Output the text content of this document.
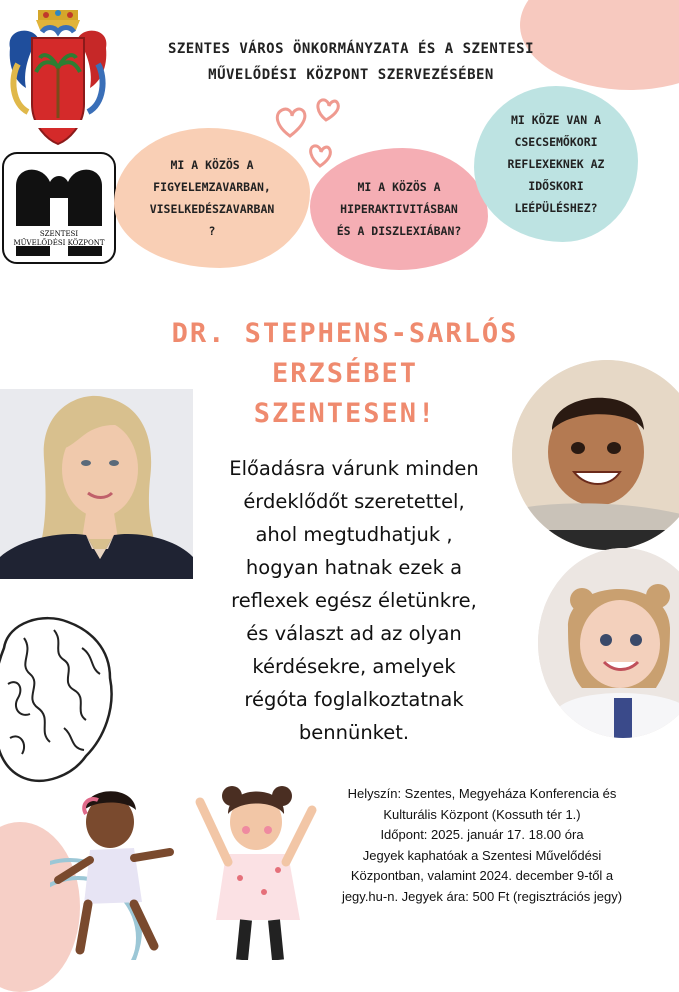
SZENTESI
MŰVELŐDÉSI KÖZPONT
SZENTES VÁROS ÖNKORMÁNYZATA ÉS A SZENTESI
MŰVELŐDÉSI KÖZPONT SZERVEZÉSÉBEN
MI A KÖZÖS A
FIGYELEMZAVARBAN,
VISELKEDÉSZAVARBAN
?
MI A KÖZÖS A
HIPERAKTIVITÁSBAN
ÉS A DISZLEXIÁBAN?
MI KÖZE VAN A
CSECSEMŐKORI
REFLEXEKNEK AZ
IDŐSKORI
LEÉPÜLÉSHEZ?
DR. STEPHENS-SARLÓS
ERZSÉBET
SZENTESEN!
Előadásra várunk minden
érdeklődőt szeretettel,
ahol megtudhatjuk ,
hogyan hatnak ezek a
reflexek egész életünkre,
és választ ad az olyan
kérdésekre, amelyek
régóta foglalkoztatnak
bennünket.
Helyszín: Szentes, Megyeháza Konferencia és
Kulturális Központ (Kossuth tér 1.)
Időpont: 2025. január 17. 18.00 óra
Jegyek kaphatóak a Szentesi Művelődési
Központban, valamint 2024. december 9-től a
jegy.hu-n. Jegyek ára: 500 Ft (regisztrációs jegy)
